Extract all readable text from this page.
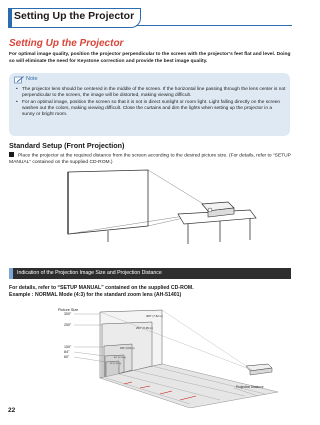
Setting Up the Projector
Setting Up the Projector
For optimal image quality, position the projector perpendicular to the screen with the projector’s feet flat and level. Doing so will eliminate the need for Keystone correction and provide the best image quality.
Note
• The projector lens should be centered in the middle of the screen. If the horizontal line passing through the lens center is not perpendicular to the screen, the image will be distorted, making viewing difficult.
• For an optimal image, position the screen so that it is not in direct sunlight or room light. Light falling directly on the screen washes out the colors, making viewing difficult. Close the curtains and dim the lights when setting up the projector in a sunny or bright room.
Standard Setup (Front Projection)
Place the projector at the required distance from the screen according to the desired picture size. (For details, refer to “SETUP MANUAL” contained on the supplied CD-ROM.)
Indication of the Projection Image Size and Projection Distance
For details, refer to “SETUP MANUAL” contained on the supplied CD-ROM.
Example : NORMAL Mode (4:3) for the standard zoom lens (AH-51401)
Picture Size
300"
250"
150"
84"
60"
300" (7.62 m)
250" (6.35 m)
150" (3.81 m)
84" (2.13 m)
60" (1.52 m)
Projection Distance
22
